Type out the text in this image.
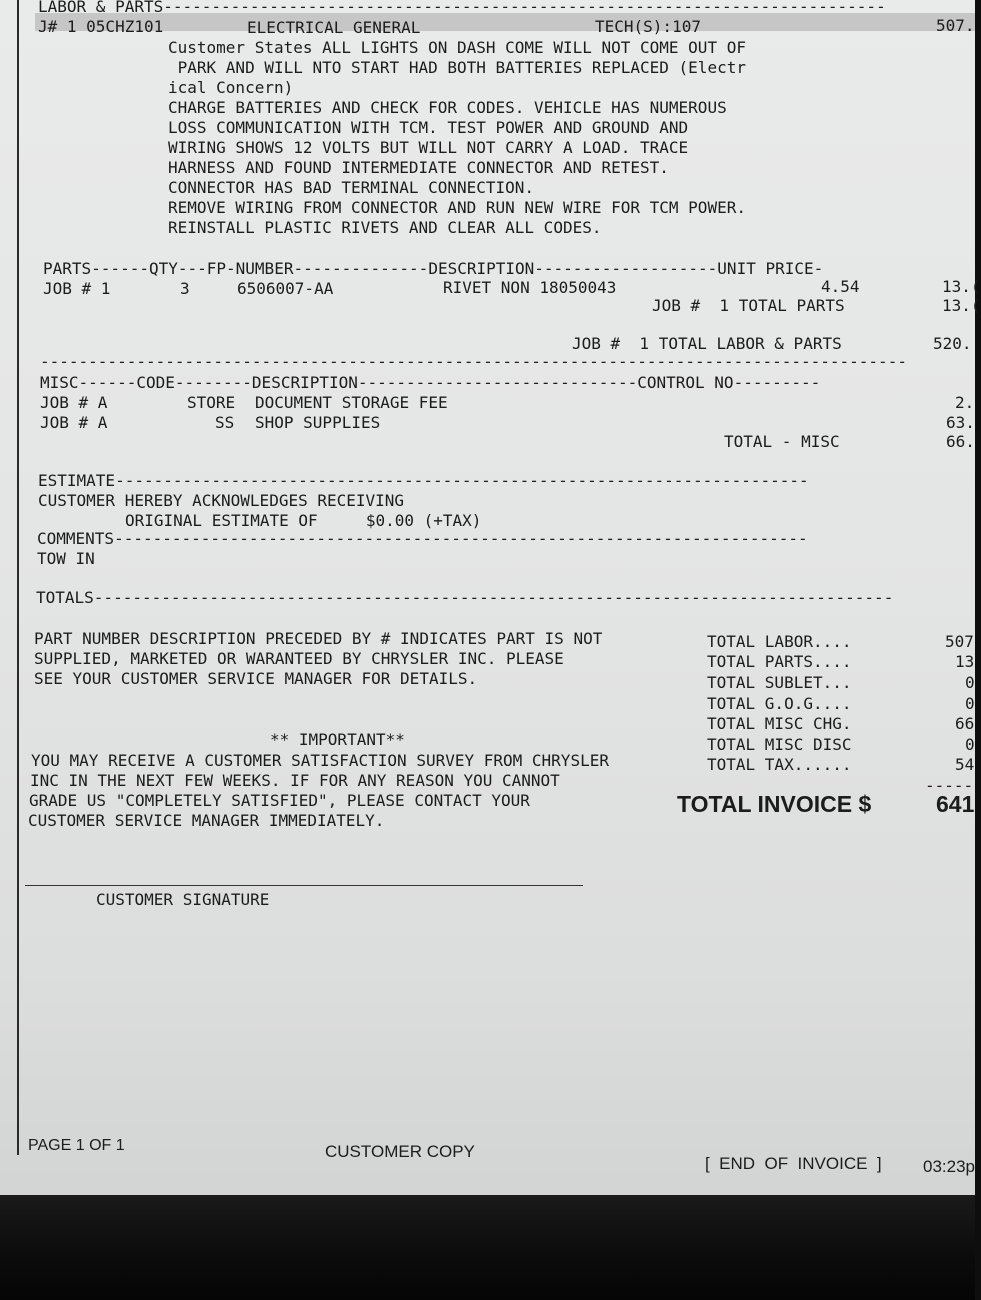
LABOR & PARTS---------------------------------------------------------------------------
J# 1 05CHZ101	ELECTRICAL GENERAL	TECH(S):107	507.
Customer States ALL LIGHTS ON DASH COME WILL NOT COME OUT OF
PARK AND WILL NTO START HAD BOTH BATTERIES REPLACED (Electr
ical Concern)
CHARGE BATTERIES AND CHECK FOR CODES. VEHICLE HAS NUMEROUS
LOSS COMMUNICATION WITH TCM. TEST POWER AND GROUND AND
WIRING SHOWS 12 VOLTS BUT WILL NOT CARRY A LOAD. TRACE
HARNESS AND FOUND INTERMEDIATE CONNECTOR AND RETEST.
CONNECTOR HAS BAD TERMINAL CONNECTION.
REMOVE WIRING FROM CONNECTOR AND RUN NEW WIRE FOR TCM POWER.
REINSTALL PLASTIC RIVETS AND CLEAR ALL CODES.
PARTS------QTY---FP-NUMBER--------------DESCRIPTION-------------------UNIT PRICE-
JOB # 1	3	6506007-AA	RIVET NON 18050043	4.54	13.(
JOB #  1 TOTAL PARTS	13.(
JOB #  1 TOTAL LABOR & PARTS	520.
------------------------------------------------------------------------------------------
MISC------CODE--------DESCRIPTION-----------------------------CONTROL NO---------
JOB # A	STORE DOCUMENT STORAGE FEE	2.
JOB # A	SS SHOP SUPPLIES	63.
TOTAL - MISC	66.
ESTIMATE------------------------------------------------------------------------
CUSTOMER HEREBY ACKNOWLEDGES RECEIVING
ORIGINAL ESTIMATE OF     $0.00 (+TAX)
COMMENTS------------------------------------------------------------------------
TOW IN
TOTALS-----------------------------------------------------------------------------------
PART NUMBER DESCRIPTION PRECEDED BY # INDICATES PART IS NOT
SUPPLIED, MARKETED OR WARANTEED BY CHRYSLER INC. PLEASE
SEE YOUR CUSTOMER SERVICE MANAGER FOR DETAILS.
** IMPORTANT**
YOU MAY RECEIVE A CUSTOMER SATISFACTION SURVEY FROM CHRYSLER
INC IN THE NEXT FEW WEEKS. IF FOR ANY REASON YOU CANNOT
GRADE US "COMPLETELY SATISFIED", PLEASE CONTACT YOUR
CUSTOMER SERVICE MANAGER IMMEDIATELY.
TOTAL LABOR....	507
TOTAL PARTS....	13
TOTAL SUBLET...	0
TOTAL G.O.G....	0
TOTAL MISC CHG.	66
TOTAL MISC DISC	0
TOTAL TAX......	54
-----
TOTAL INVOICE $	641
CUSTOMER SIGNATURE
PAGE 1 OF 1	CUSTOMER COPY
[  END  OF  INVOICE  ] 03:23p
